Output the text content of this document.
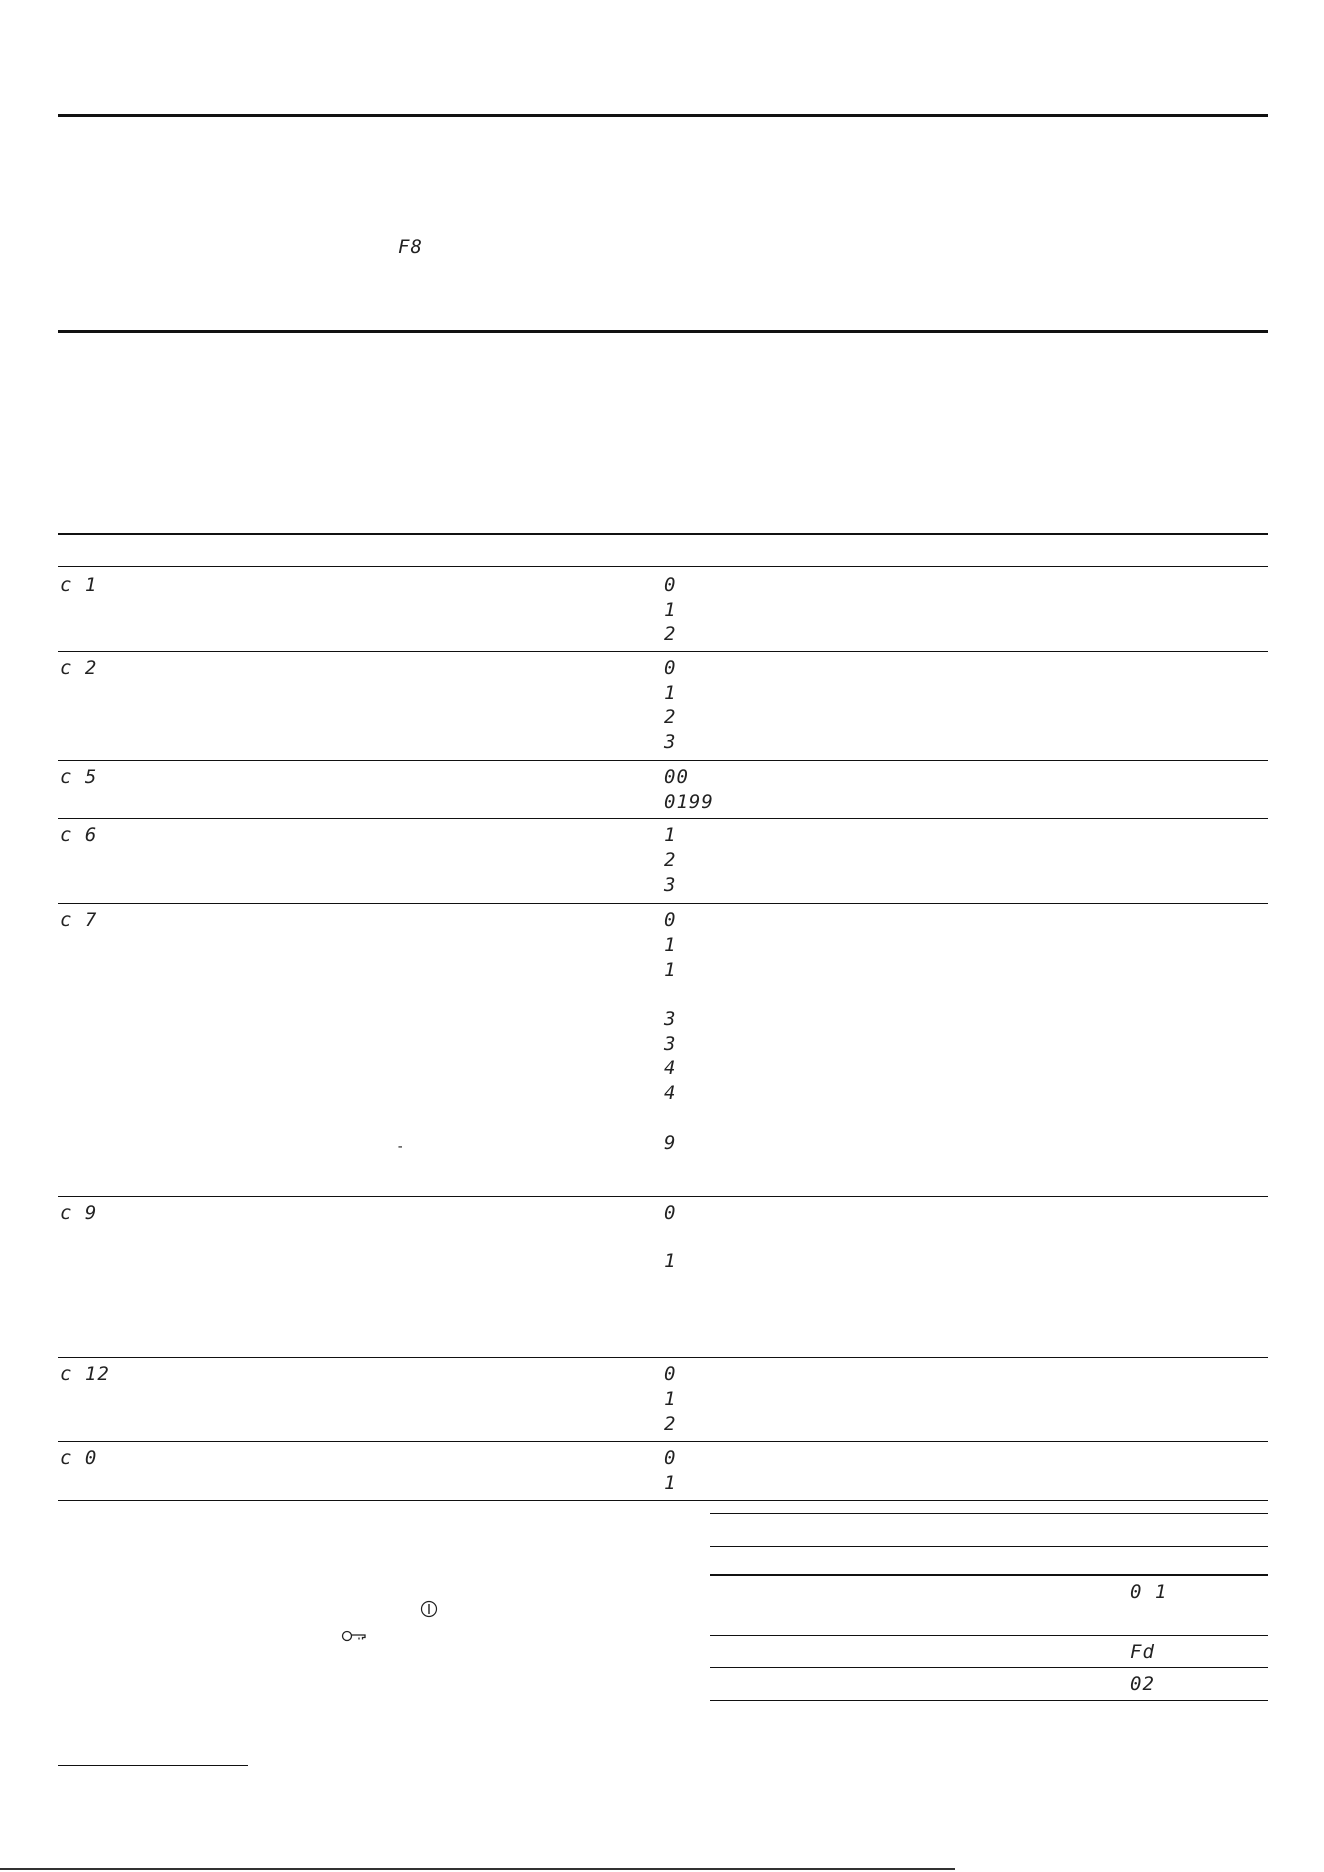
F8
c 1	0
1
2
c 2	0
1
2
3
c 5	00
0199
c 6	1
2
3
c 7	0
1
1
3
3
4
4
9
-
c 9	0
1
c 12	0
1
2
c 0	0
1
0 1
Fd
02
